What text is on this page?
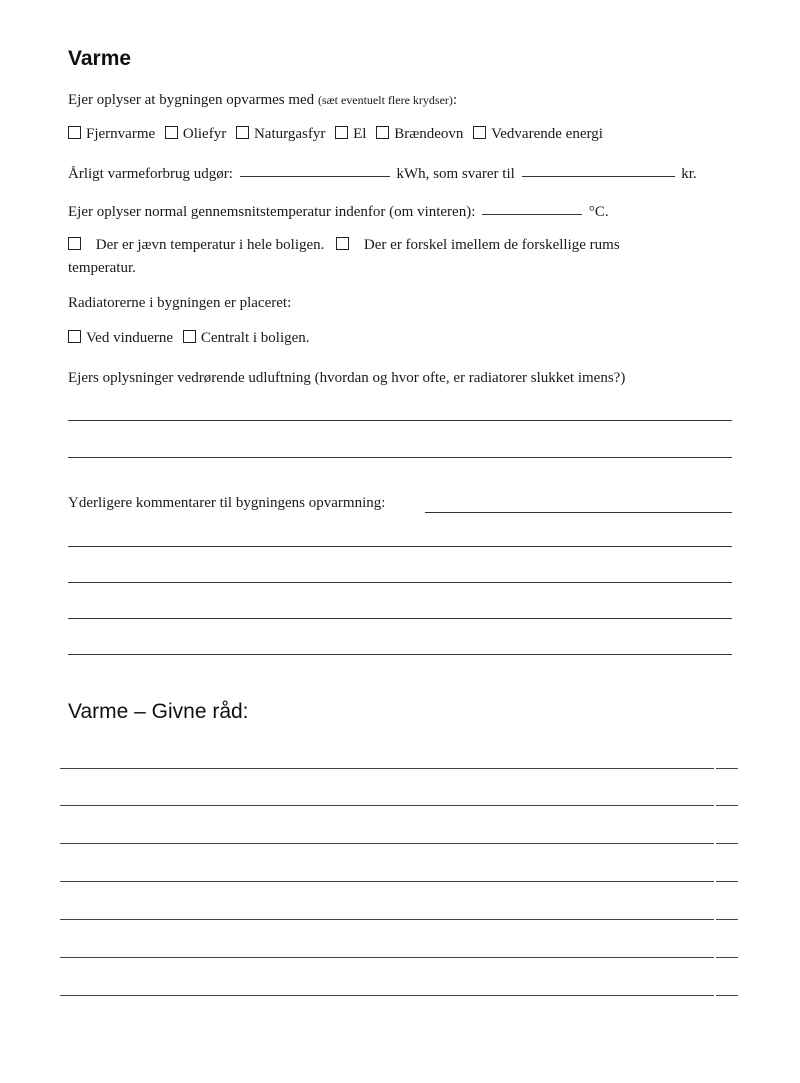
Varme
Ejer oplyser at bygningen opvarmes med (sæt eventuelt flere krydser):
Fjernvarme Oliefyr Naturgasfyr El Brændeovn Vedvarende energi
Årligt varmeforbrug udgør:	kWh, som svarer til	kr.
Ejer oplyser normal gennemsnitstemperatur indenfor (om vinteren):	°C.
Der er jævn temperatur i hele boligen.	Der er forskel imellem de forskellige rums
temperatur.
Radiatorerne i bygningen er placeret:
Ved vinduerne Centralt i boligen.
Ejers oplysninger vedrørende udluftning (hvordan og hvor ofte, er radiatorer slukket imens?)
Yderligere kommentarer til bygningens opvarmning:
Varme – Givne råd:
